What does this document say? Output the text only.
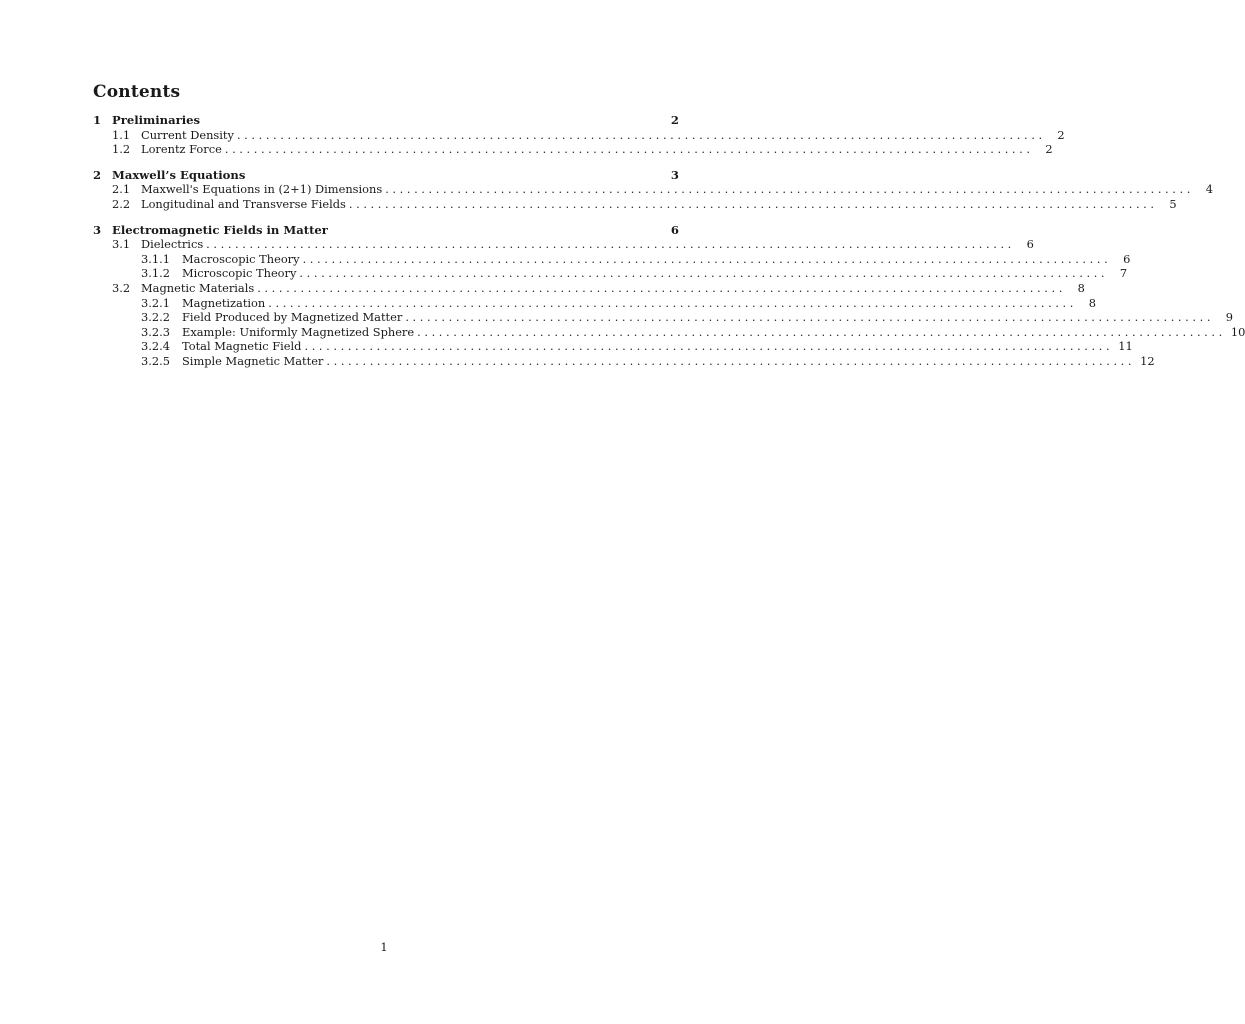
Contents
1 Preliminaries	2
1.1 Current Density ................................................................................................................	2
1.2 Lorentz Force ................................................................................................................	2
2 Maxwell’s Equations	3
2.1 Maxwell's Equations in (2+1) Dimensions ................................................................................................................	4
2.2 Longitudinal and Transverse Fields ................................................................................................................	5
3 Electromagnetic Fields in Matter	6
3.1 Dielectrics ................................................................................................................	6
3.1.1	Macroscopic Theory ................................................................................................................	6
3.1.2	Microscopic Theory ................................................................................................................	7
3.2 Magnetic Materials ................................................................................................................	8
3.2.1	Magnetization ................................................................................................................	8
3.2.2	Field Produced by Magnetized Matter ................................................................................................................	9
3.2.3	Example: Uniformly Magnetized Sphere ................................................................................................................ 10
3.2.4	Total Magnetic Field ................................................................................................................ 11
3.2.5	Simple Magnetic Matter ................................................................................................................ 12
1
